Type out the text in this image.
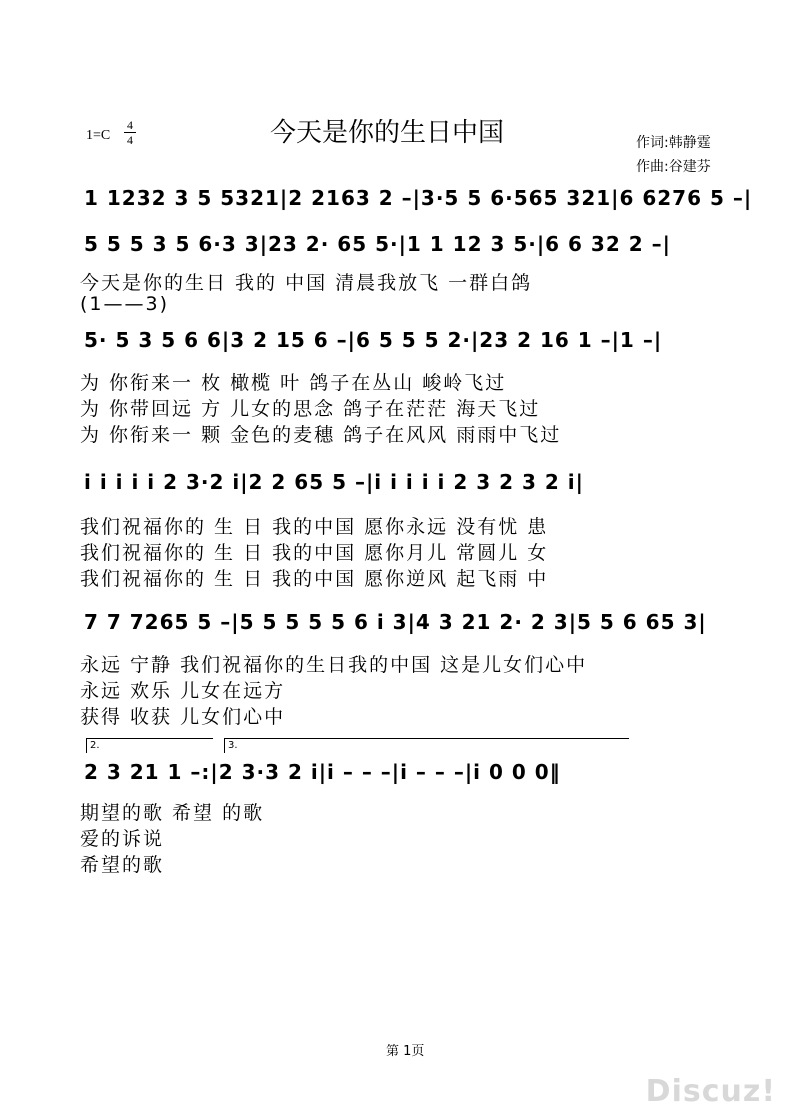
今天是你的生日中国
$1=C \frac{4}{4}$	作词:韩静霆
作曲:谷建芬
1 1232 3 5 5321|2 2163 2 –|3·5 5 6·565 321|6 6276 5 –|
5 5 5 3 5 6·3 3|23 2· 65 5·|1 1 12 3 5·|6 6 32 2 –|
今天是你的生日 我的 中国 清晨我放飞 一群白鸽
(1——3)
5· 5 3 5 6 6|3 2 15 6 –|6 5 5 5 2·|23 2 16 1 –|1 –|
为 你衔来一 枚 橄榄 叶 鸽子在丛山 峻岭飞过
为 你带回远 方 儿女的思念 鸽子在茫茫 海天飞过
为 你衔来一 颗 金色的麦穗 鸽子在风风 雨雨中飞过
i i i i i 2 3·2 i|2 2 65 5 –|i i i i i 2 3 2 3 2 i|
我们祝福你的 生 日 我的中国 愿你永远 没有忧 患
我们祝福你的 生 日 我的中国 愿你月儿 常圆儿 女
我们祝福你的 生 日 我的中国 愿你逆风 起飞雨 中
7 7 7265 5 –|5 5 5 5 5 6 i 3|4 3 21 2· 2 3|5 5 6 65 3|
永远 宁静 我们祝福你的生日我的中国 这是儿女们心中
永远 欢乐 儿女在远方
获得 收获 儿女们心中
2.	3.
2 3 21 1 –:|2 3·3 2 i|i – – –|i – – –|i 0 0 0‖
期望的歌 希望 的歌
爱的诉说
希望的歌
第 1页
Discuz!
